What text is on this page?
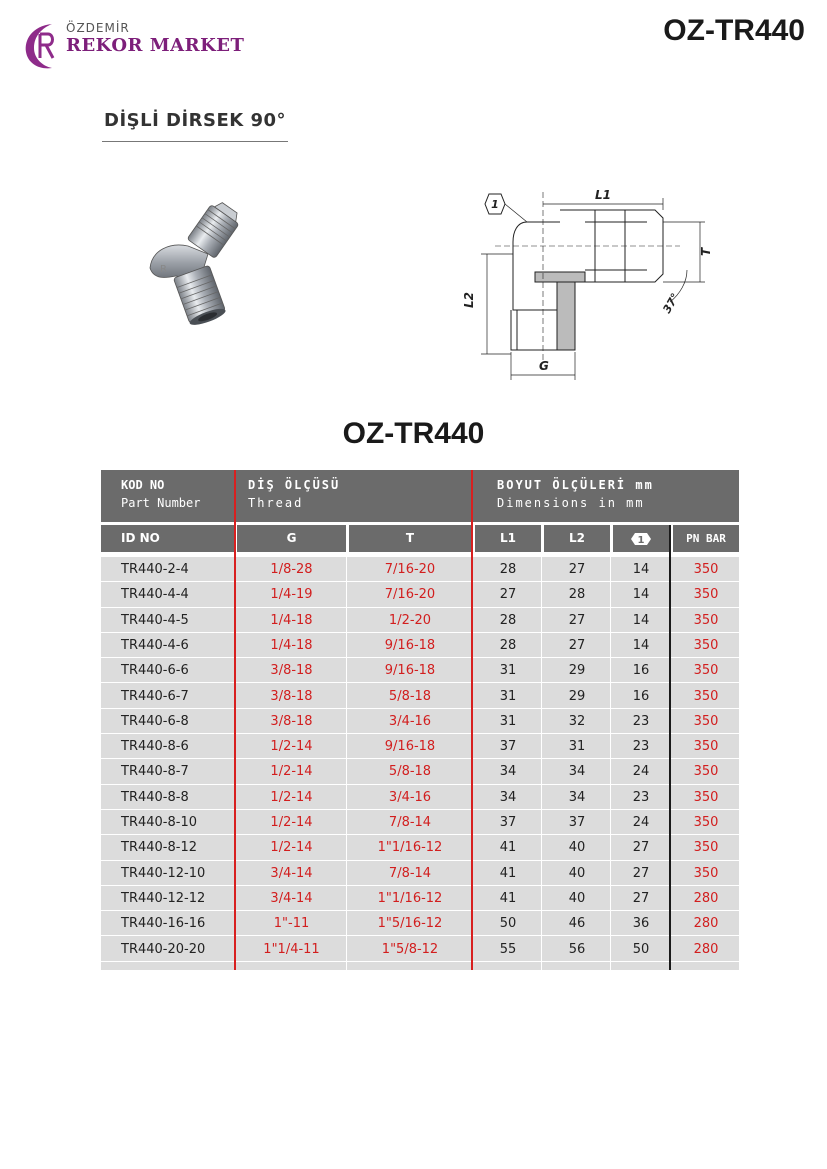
ÖZDEMİR
REKOR MARKET	OZ-TR440
DİŞLİ DİRSEK 90°
R
1
L1
L2
G
T
37°
OZ-TR440
KOD NO
Part Number
DİŞ ÖLÇÜSÜ
Thread
BOYUT ÖLÇÜLERİ mm
Dimensions in mm
ID NO	G	T	L1	L2	1	PN BAR
TR440-2-4	1/8-28	7/16-20	28	27	14	350
TR440-4-4	1/4-19	7/16-20	27	28	14	350
TR440-4-5	1/4-18	1/2-20	28	27	14	350
TR440-4-6	1/4-18	9/16-18	28	27	14	350
TR440-6-6	3/8-18	9/16-18	31	29	16	350
TR440-6-7	3/8-18	5/8-18	31	29	16	350
TR440-6-8	3/8-18	3/4-16	31	32	23	350
TR440-8-6	1/2-14	9/16-18	37	31	23	350
TR440-8-7	1/2-14	5/8-18	34	34	24	350
TR440-8-8	1/2-14	3/4-16	34	34	23	350
TR440-8-10	1/2-14	7/8-14	37	37	24	350
TR440-8-12	1/2-14	1"1/16-12	41	40	27	350
TR440-12-10	3/4-14	7/8-14	41	40	27	350
TR440-12-12	3/4-14	1"1/16-12	41	40	27	280
TR440-16-16	1"-11	1"5/16-12	50	46	36	280
TR440-20-20	1"1/4-11	1"5/8-12	55	56	50	280
